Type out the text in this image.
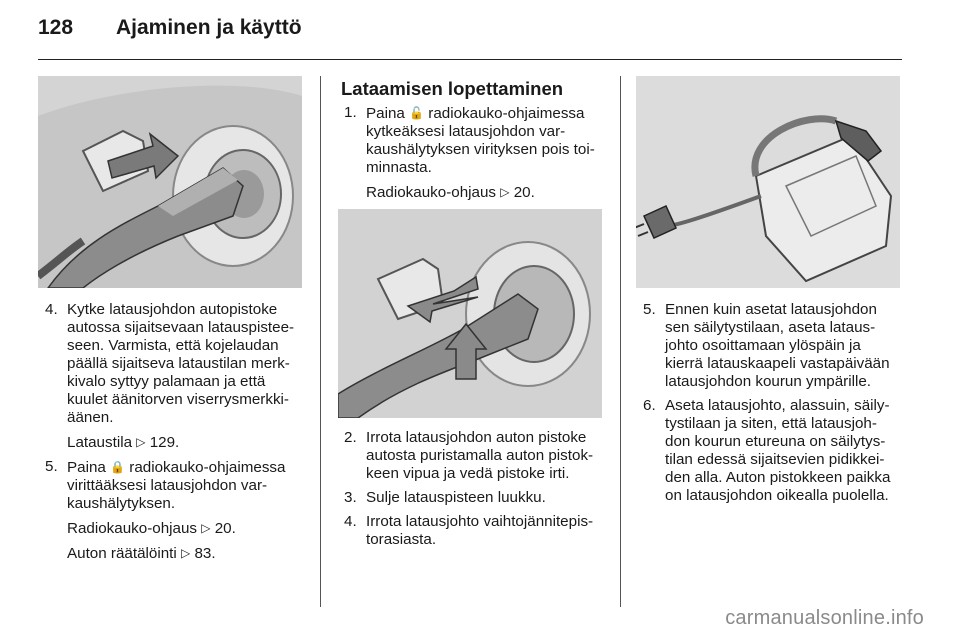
128 Ajaminen ja käyttö
4. Kytke latausjohdon autopistoke
autossa sijaitsevaan latauspistee-
seen. Varmista, että kojelaudan
päällä sijaitseva lataustilan merk-
kivalo syttyy palamaan ja että
kuulet äänitorven viserrysmerkki-
äänen.
Lataustila ▷ 129.
5. Paina 🔒 radiokauko-ohjaimessa
virittääksesi latausjohdon var-
kaushälytyksen.
Radiokauko-ohjaus ▷ 20.
Auton räätälöinti ▷ 83.
Lataamisen lopettaminen
1. Paina 🔓 radiokauko-ohjaimessa
kytkeäksesi latausjohdon var-
kaushälytyksen virityksen pois toi-
minnasta.
Radiokauko-ohjaus ▷ 20.
2. Irrota latausjohdon auton pistoke
autosta puristamalla auton pistok-
keen vipua ja vedä pistoke irti.
3. Sulje latauspisteen luukku.
4. Irrota latausjohto vaihtojännitepis-
torasiasta.
5. Ennen kuin asetat latausjohdon
sen säilytystilaan, aseta lataus-
johto osoittamaan ylöspäin ja
kierrä latauskaapeli vastapäivään
latausjohdon kourun ympärille.
6. Aseta latausjohto, alassuin, säily-
tystilaan ja siten, että latausjoh-
don kourun etureuna on säilytys-
tilan edessä sijaitsevien pidikkei-
den alla. Auton pistokkeen paikka
on latausjohdon oikealla puolella.
carmanualsonline.info
